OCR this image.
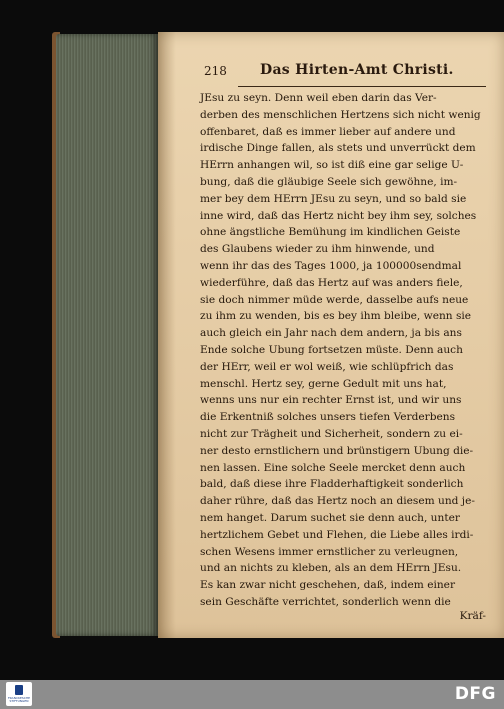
218 Das Hirten-Amt Christi.
JEsu zu seyn. Denn weil eben darin das Ver-
derben des menschlichen Hertzens sich nicht wenig
offenbaret, daß es immer lieber auf andere und
irdische Dinge fallen, als stets und unverrückt dem
HErrn anhangen wil, so ist diß eine gar selige U-
bung, daß die gläubige Seele sich gewöhne, im-
mer bey dem HErrn JEsu zu seyn, und so bald sie
inne wird, daß das Hertz nicht bey ihm sey, solches
ohne ängstliche Bemühung im kindlichen Geiste
des Glaubens wieder zu ihm hinwende, und
wenn ihr das des Tages 1000, ja 100000sendmal
wiederführe, daß das Hertz auf was anders fiele,
sie doch nimmer müde werde, dasselbe aufs neue
zu ihm zu wenden, bis es bey ihm bleibe, wenn sie
auch gleich ein Jahr nach dem andern, ja bis ans
Ende solche Ubung fortsetzen müste. Denn auch
der HErr, weil er wol weiß, wie schlüpfrich das
menschl. Hertz sey, gerne Gedult mit uns hat,
wenns uns nur ein rechter Ernst ist, und wir uns
die Erkentniß solches unsers tiefen Verderbens
nicht zur Trägheit und Sicherheit, sondern zu ei-
ner desto ernstlichern und brünstigern Ubung die-
nen lassen. Eine solche Seele mercket denn auch
bald, daß diese ihre Fladderhaftigkeit sonderlich
daher rühre, daß das Hertz noch an diesem und je-
nem hanget. Darum suchet sie denn auch, unter
hertzlichem Gebet und Flehen, die Liebe alles irdi-
schen Wesens immer ernstlicher zu verleugnen,
und an nichts zu kleben, als an dem HErrn JEsu.
Es kan zwar nicht geschehen, daß, indem einer
sein Geschäfte verrichtet, sonderlich wenn die
Kräf-
FRANCKESCHE STIFTUNGEN	DFG
